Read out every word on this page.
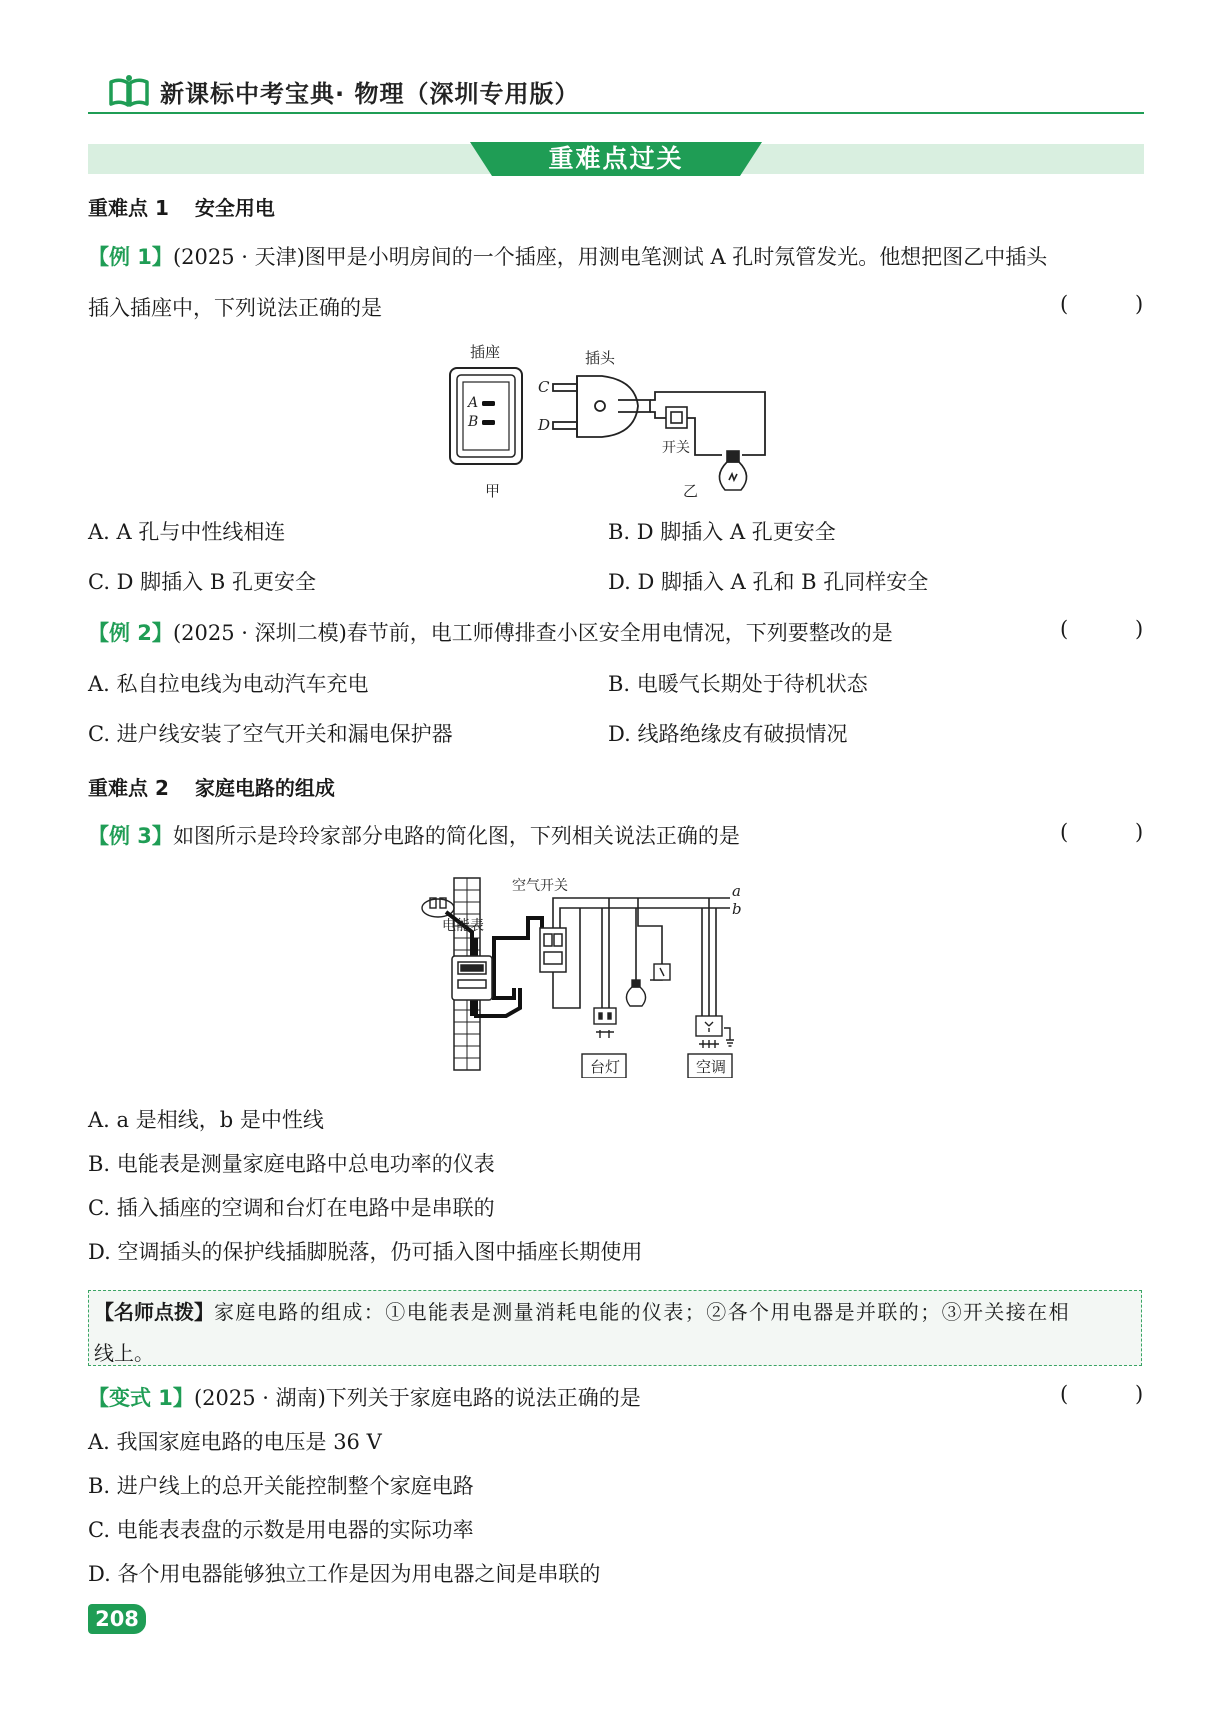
新课标中考宝典· 物理（深圳专用版）
重难点过关
重难点 1 安全用电
【例 1】(2025 · 天津)图甲是小明房间的一个插座，用测电笔测试 A 孔时氖管发光。他想把图乙中插头
插入插座中，下列说法正确的是	(          )
插座	插头
A
B
甲
C
D
开关
乙
A. A 孔与中性线相连	B. D 脚插入 A 孔更安全
C. D 脚插入 B 孔更安全	D. D 脚插入 A 孔和 B 孔同样安全
【例 2】(2025 · 深圳二模)春节前，电工师傅排查小区安全用电情况，下列要整改的是	(          )
A. 私自拉电线为电动汽车充电	B. 电暖气长期处于待机状态
C. 进户线安装了空气开关和漏电保护器	D. 线路绝缘皮有破损情况
重难点 2 家庭电路的组成
【例 3】如图所示是玲玲家部分电路的简化图，下列相关说法正确的是	(          )
电能表
空气开关	a
b
台灯	空调
A. a 是相线，b 是中性线
B. 电能表是测量家庭电路中总电功率的仪表
C. 插入插座的空调和台灯在电路中是串联的
D. 空调插头的保护线插脚脱落，仍可插入图中插座长期使用
【名师点拨】家庭电路的组成：①电能表是测量消耗电能的仪表；②各个用电器是并联的；③开关接在相
线上。
【变式 1】(2025 · 湖南)下列关于家庭电路的说法正确的是	(          )
A. 我国家庭电路的电压是 36 V
B. 进户线上的总开关能控制整个家庭电路
C. 电能表表盘的示数是用电器的实际功率
D. 各个用电器能够独立工作是因为用电器之间是串联的
208
